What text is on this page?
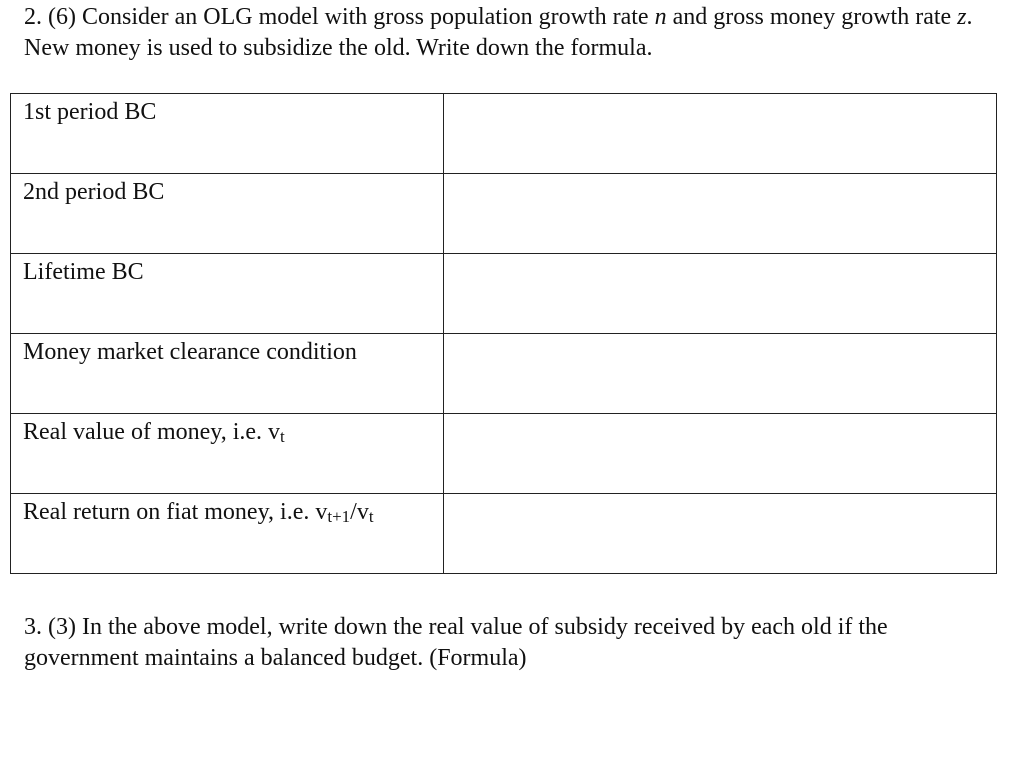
2. (6) Consider an OLG model with gross population growth rate n and gross money growth rate z. New money is used to subsidize the old. Write down the formula.

1st period BC	
2nd period BC	
Lifetime BC	
Money market clearance condition	
Real value of money, i.e. vt	
Real return on fiat money, i.e. vt+1/vt	

3. (3) In the above model, write down the real value of subsidy received by each old if the government maintains a balanced budget. (Formula)
